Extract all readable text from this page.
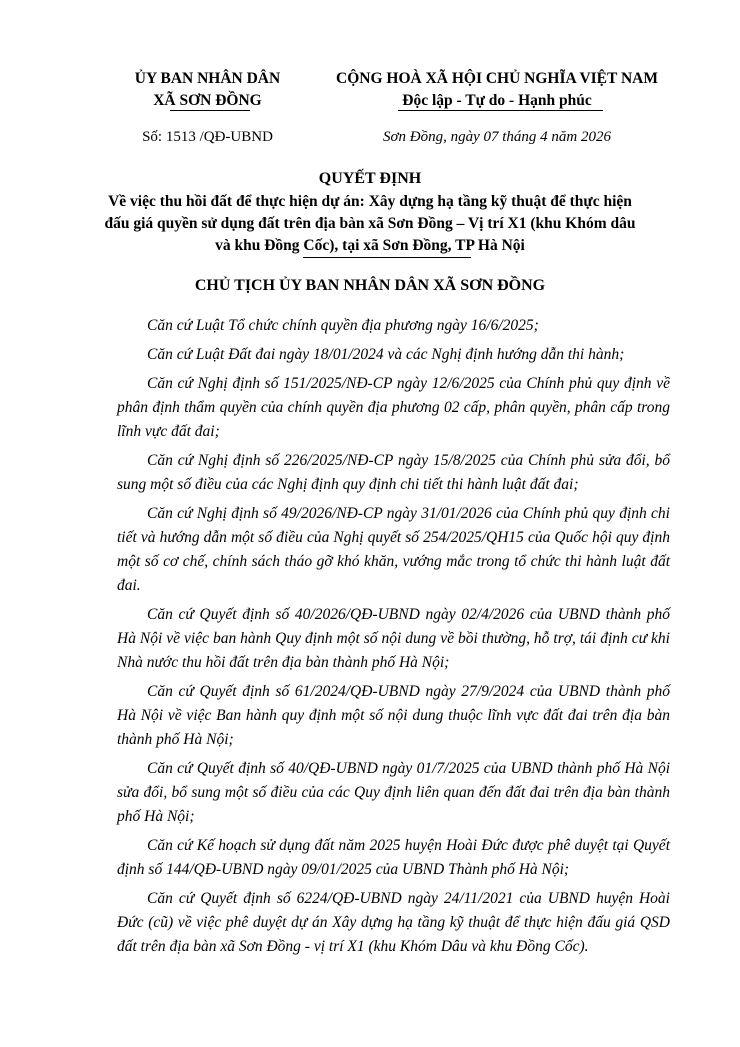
ỦY BAN NHÂN DÂN
XÃ SƠN ĐỒNG
CỘNG HOÀ XÃ HỘI CHỦ NGHĨA VIỆT NAM
Độc lập - Tự do - Hạnh phúc
Số: 1513 /QĐ-UBND	Sơn Đồng, ngày 07 tháng 4 năm 2026
QUYẾT ĐỊNH
Về việc thu hồi đất để thực hiện dự án: Xây dựng hạ tầng kỹ thuật để thực hiện đấu giá quyền sử dụng đất trên địa bàn xã Sơn Đồng – Vị trí X1 (khu Khóm dâu và khu Đồng Cốc), tại xã Sơn Đồng, TP Hà Nội
CHỦ TỊCH ỦY BAN NHÂN DÂN XÃ SƠN ĐỒNG

Căn cứ Luật Tổ chức chính quyền địa phương ngày 16/6/2025;

Căn cứ Luật Đất đai ngày 18/01/2024 và các Nghị định hướng dẫn thi hành;

Căn cứ Nghị định số 151/2025/NĐ-CP ngày 12/6/2025 của Chính phủ quy định về phân định thẩm quyền của chính quyền địa phương 02 cấp, phân quyền, phân cấp trong lĩnh vực đất đai;

Căn cứ Nghị định số 226/2025/NĐ-CP ngày 15/8/2025 của Chính phủ sửa đổi, bổ sung một số điều của các Nghị định quy định chi tiết thi hành luật đất đai;

Căn cứ Nghị định số 49/2026/NĐ-CP ngày 31/01/2026 của Chính phủ quy định chi tiết và hướng dẫn một số điều của Nghị quyết số 254/2025/QH15 của Quốc hội quy định một số cơ chế, chính sách tháo gỡ khó khăn, vướng mắc trong tổ chức thi hành luật đất đai.

Căn cứ Quyết định số 40/2026/QĐ-UBND ngày 02/4/2026 của UBND thành phố Hà Nội về việc ban hành Quy định một số nội dung về bồi thường, hỗ trợ, tái định cư khi Nhà nước thu hồi đất trên địa bàn thành phố Hà Nội;

Căn cứ Quyết định số 61/2024/QĐ-UBND ngày 27/9/2024 của UBND thành phố Hà Nội về việc Ban hành quy định một số nội dung thuộc lĩnh vực đất đai trên địa bàn thành phố Hà Nội;

Căn cứ Quyết định số 40/QĐ-UBND ngày 01/7/2025 của UBND thành phố Hà Nội sửa đổi, bổ sung một số điều của các Quy định liên quan đến đất đai trên địa bàn thành phố Hà Nội;

Căn cứ Kế hoạch sử dụng đất năm 2025 huyện Hoài Đức được phê duyệt tại Quyết định số 144/QĐ-UBND ngày 09/01/2025 của UBND Thành phố Hà Nội;

Căn cứ Quyết định số 6224/QĐ-UBND ngày 24/11/2021 của UBND huyện Hoài Đức (cũ) về việc phê duyệt dự án Xây dựng hạ tầng kỹ thuật để thực hiện đấu giá QSD đất trên địa bàn xã Sơn Đồng - vị trí X1 (khu Khóm Dâu và khu Đồng Cốc).
